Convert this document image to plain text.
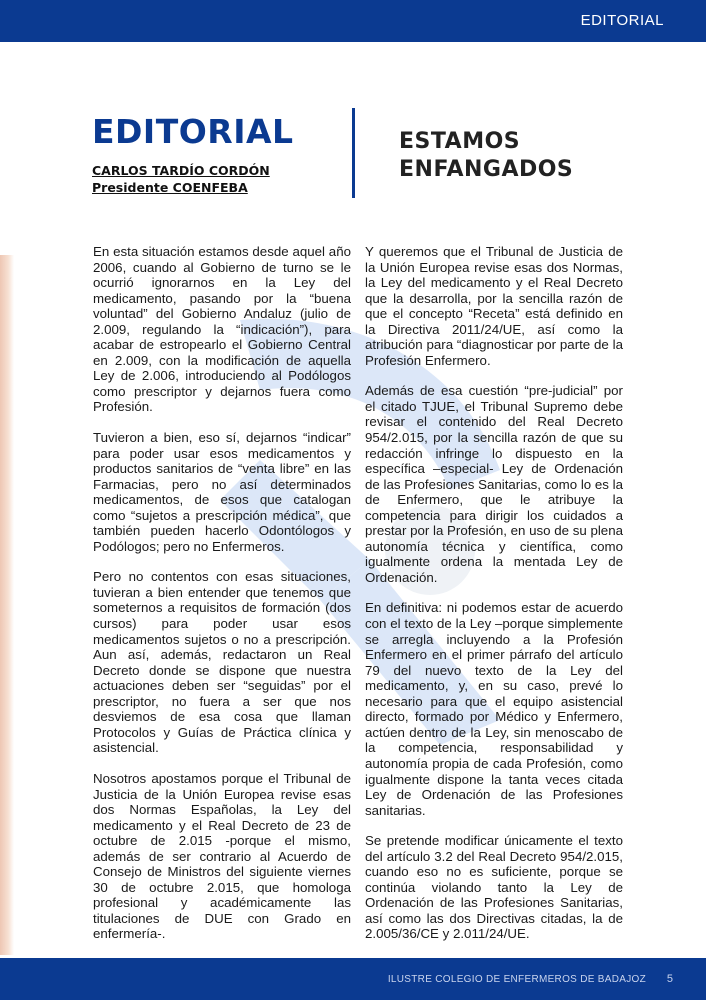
EDITORIAL
EDITORIAL
CARLOS TARDÍO CORDÓN
Presidente COENFEBA
ESTAMOS
ENFANGADOS

En esta situación estamos desde aquel año 2006, cuando al Gobierno de turno se le ocurrió ignorarnos en la Ley del medicamento, pasando por la “buena voluntad” del Gobierno Andaluz (julio de 2.009, regulando la “indicación”), para acabar de estropearlo el Gobierno Central en 2.009, con la modificación de aquella Ley de 2.006, introduciendo al Podólogos como prescriptor y dejarnos fuera como Profesión.

Tuvieron a bien, eso sí, dejarnos “indicar” para poder usar esos medicamentos y productos sanitarios de “venta libre” en las Farmacias, pero no así determinados medicamentos, de esos que catalogan como “sujetos a prescripción médica”, que también pueden hacerlo Odontólogos y Podólogos; pero no Enfermeros.

Pero no contentos con esas situaciones, tuvieran a bien entender que tenemos que someternos a requisitos de formación (dos cursos) para poder usar esos medicamentos sujetos o no a prescripción. Aun así, además, redactaron un Real Decreto donde se dispone que nuestra actuaciones deben ser “seguidas” por el prescriptor, no fuera a ser que nos desviemos de esa cosa que llaman Protocolos y Guías de Práctica clínica y asistencial.

Nosotros apostamos porque el Tribunal de Justicia de la Unión Europea revise esas dos Normas Españolas, la Ley del medicamento y el Real Decreto de 23 de octubre de 2.015 -porque el mismo, además de ser contrario al Acuerdo de Consejo de Ministros del siguiente viernes 30 de octubre 2.015, que homologa profesional y académicamente las titulaciones de DUE con Grado en enfermería-.

Y queremos que el Tribunal de Justicia de la Unión Europea revise esas dos Normas, la Ley del medicamento y el Real Decreto que la desarrolla, por la sencilla razón de que el concepto “Receta” está definido en la Directiva 2011/24/UE, así como la atribución para “diagnosticar por parte de la Profesión Enfermero.

Además de esa cuestión “pre-judicial” por el citado TJUE, el Tribunal Supremo debe revisar el contenido del Real Decreto 954/2.015, por la sencilla razón de que su redacción infringe lo dispuesto en la específica –especial- Ley de Ordenación de las Profesiones Sanitarias, como lo es la de Enfermero, que le atribuye la competencia para dirigir los cuidados a prestar por la Profesión, en uso de su plena autonomía técnica y científica, como igualmente ordena la mentada Ley de Ordenación.

En definitiva: ni podemos estar de acuerdo con el texto de la Ley –porque simplemente se arregla incluyendo a la Profesión Enfermero en el primer párrafo del artículo 79 del nuevo texto de la Ley del medicamento, y, en su caso, prevé lo necesario para que el equipo asistencial directo, formado por Médico y Enfermero, actúen dentro de la Ley, sin menoscabo de la competencia, responsabilidad y autonomía propia de cada Profesión, como igualmente dispone la tanta veces citada Ley de Ordenación de las Profesiones sanitarias.

Se pretende modificar únicamente el texto del artículo 3.2 del Real Decreto 954/2.015, cuando eso no es suficiente, porque se continúa violando tanto la Ley de Ordenación de las Profesiones Sanitarias, así como las dos Directivas citadas, la de 2.005/36/CE y 2.011/24/UE.

ILUSTRE COLEGIO DE ENFERMEROS DE BADAJOZ 5
